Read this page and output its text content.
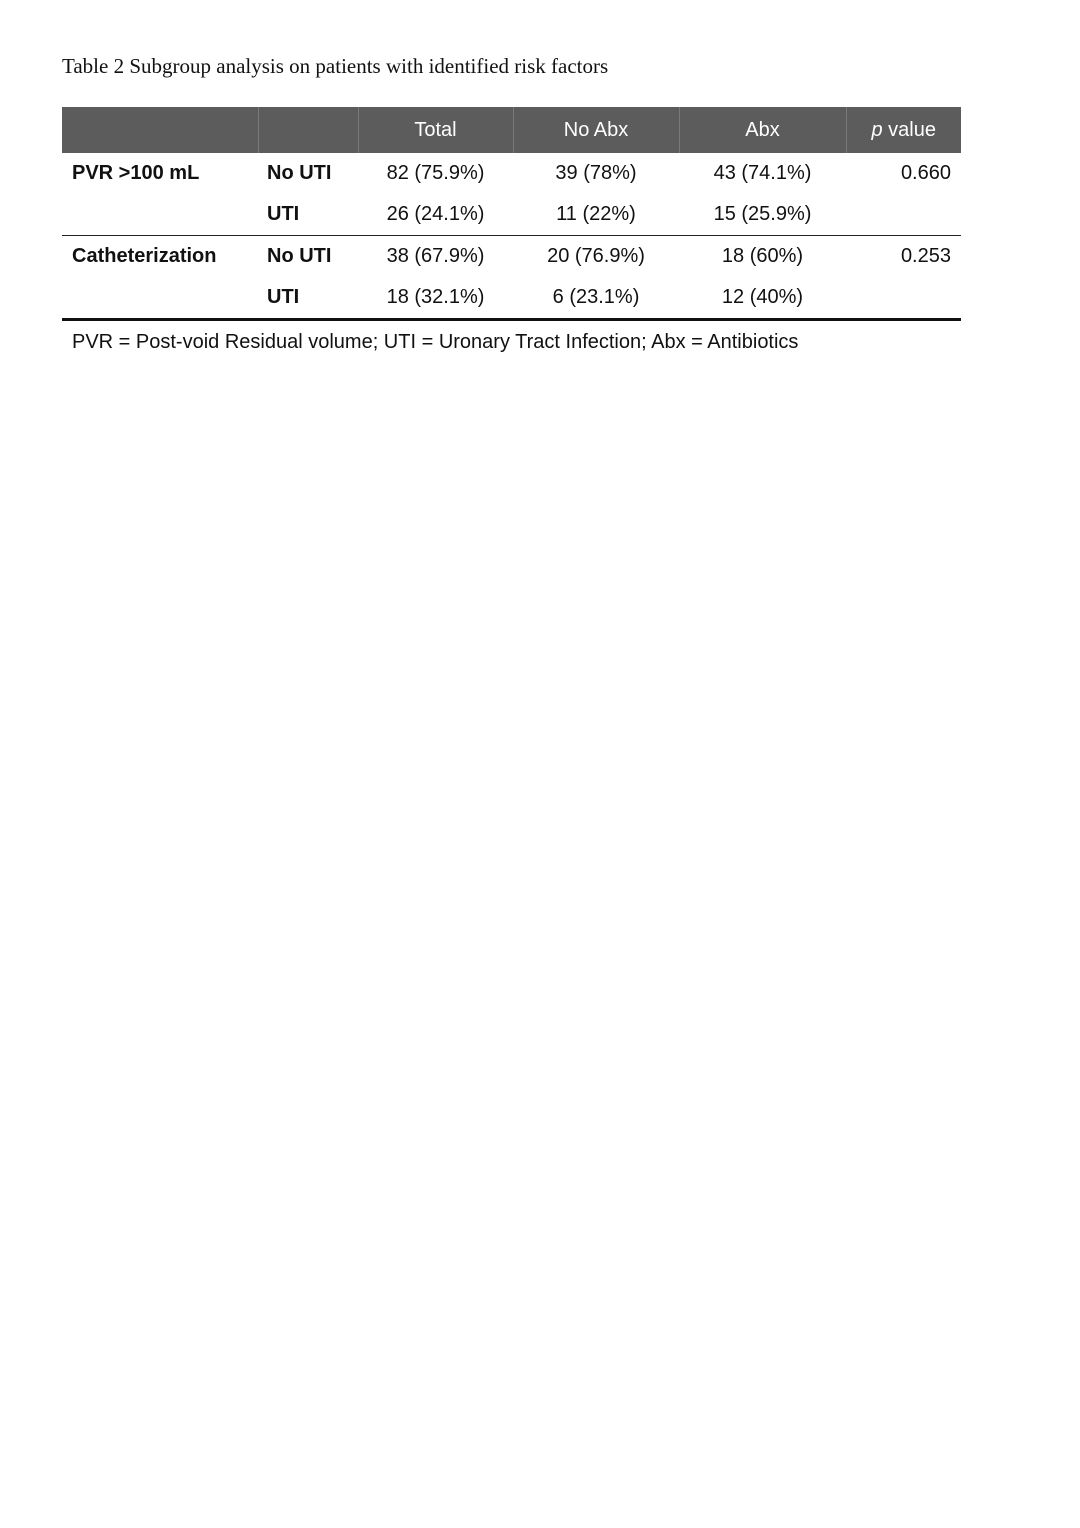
Table 2 Subgroup analysis on patients with identified risk factors
		Total	No Abx	Abx	p value
PVR >100 mL	No UTI	82 (75.9%)	39 (78%)	43 (74.1%)	0.660
	UTI	26 (24.1%)	11 (22%)	15 (25.9%)	
Catheterization	No UTI	38 (67.9%)	20 (76.9%)	18 (60%)	0.253
	UTI	18 (32.1%)	6 (23.1%)	12 (40%)	
PVR = Post-void Residual volume; UTI = Uronary Tract Infection; Abx = Antibiotics
